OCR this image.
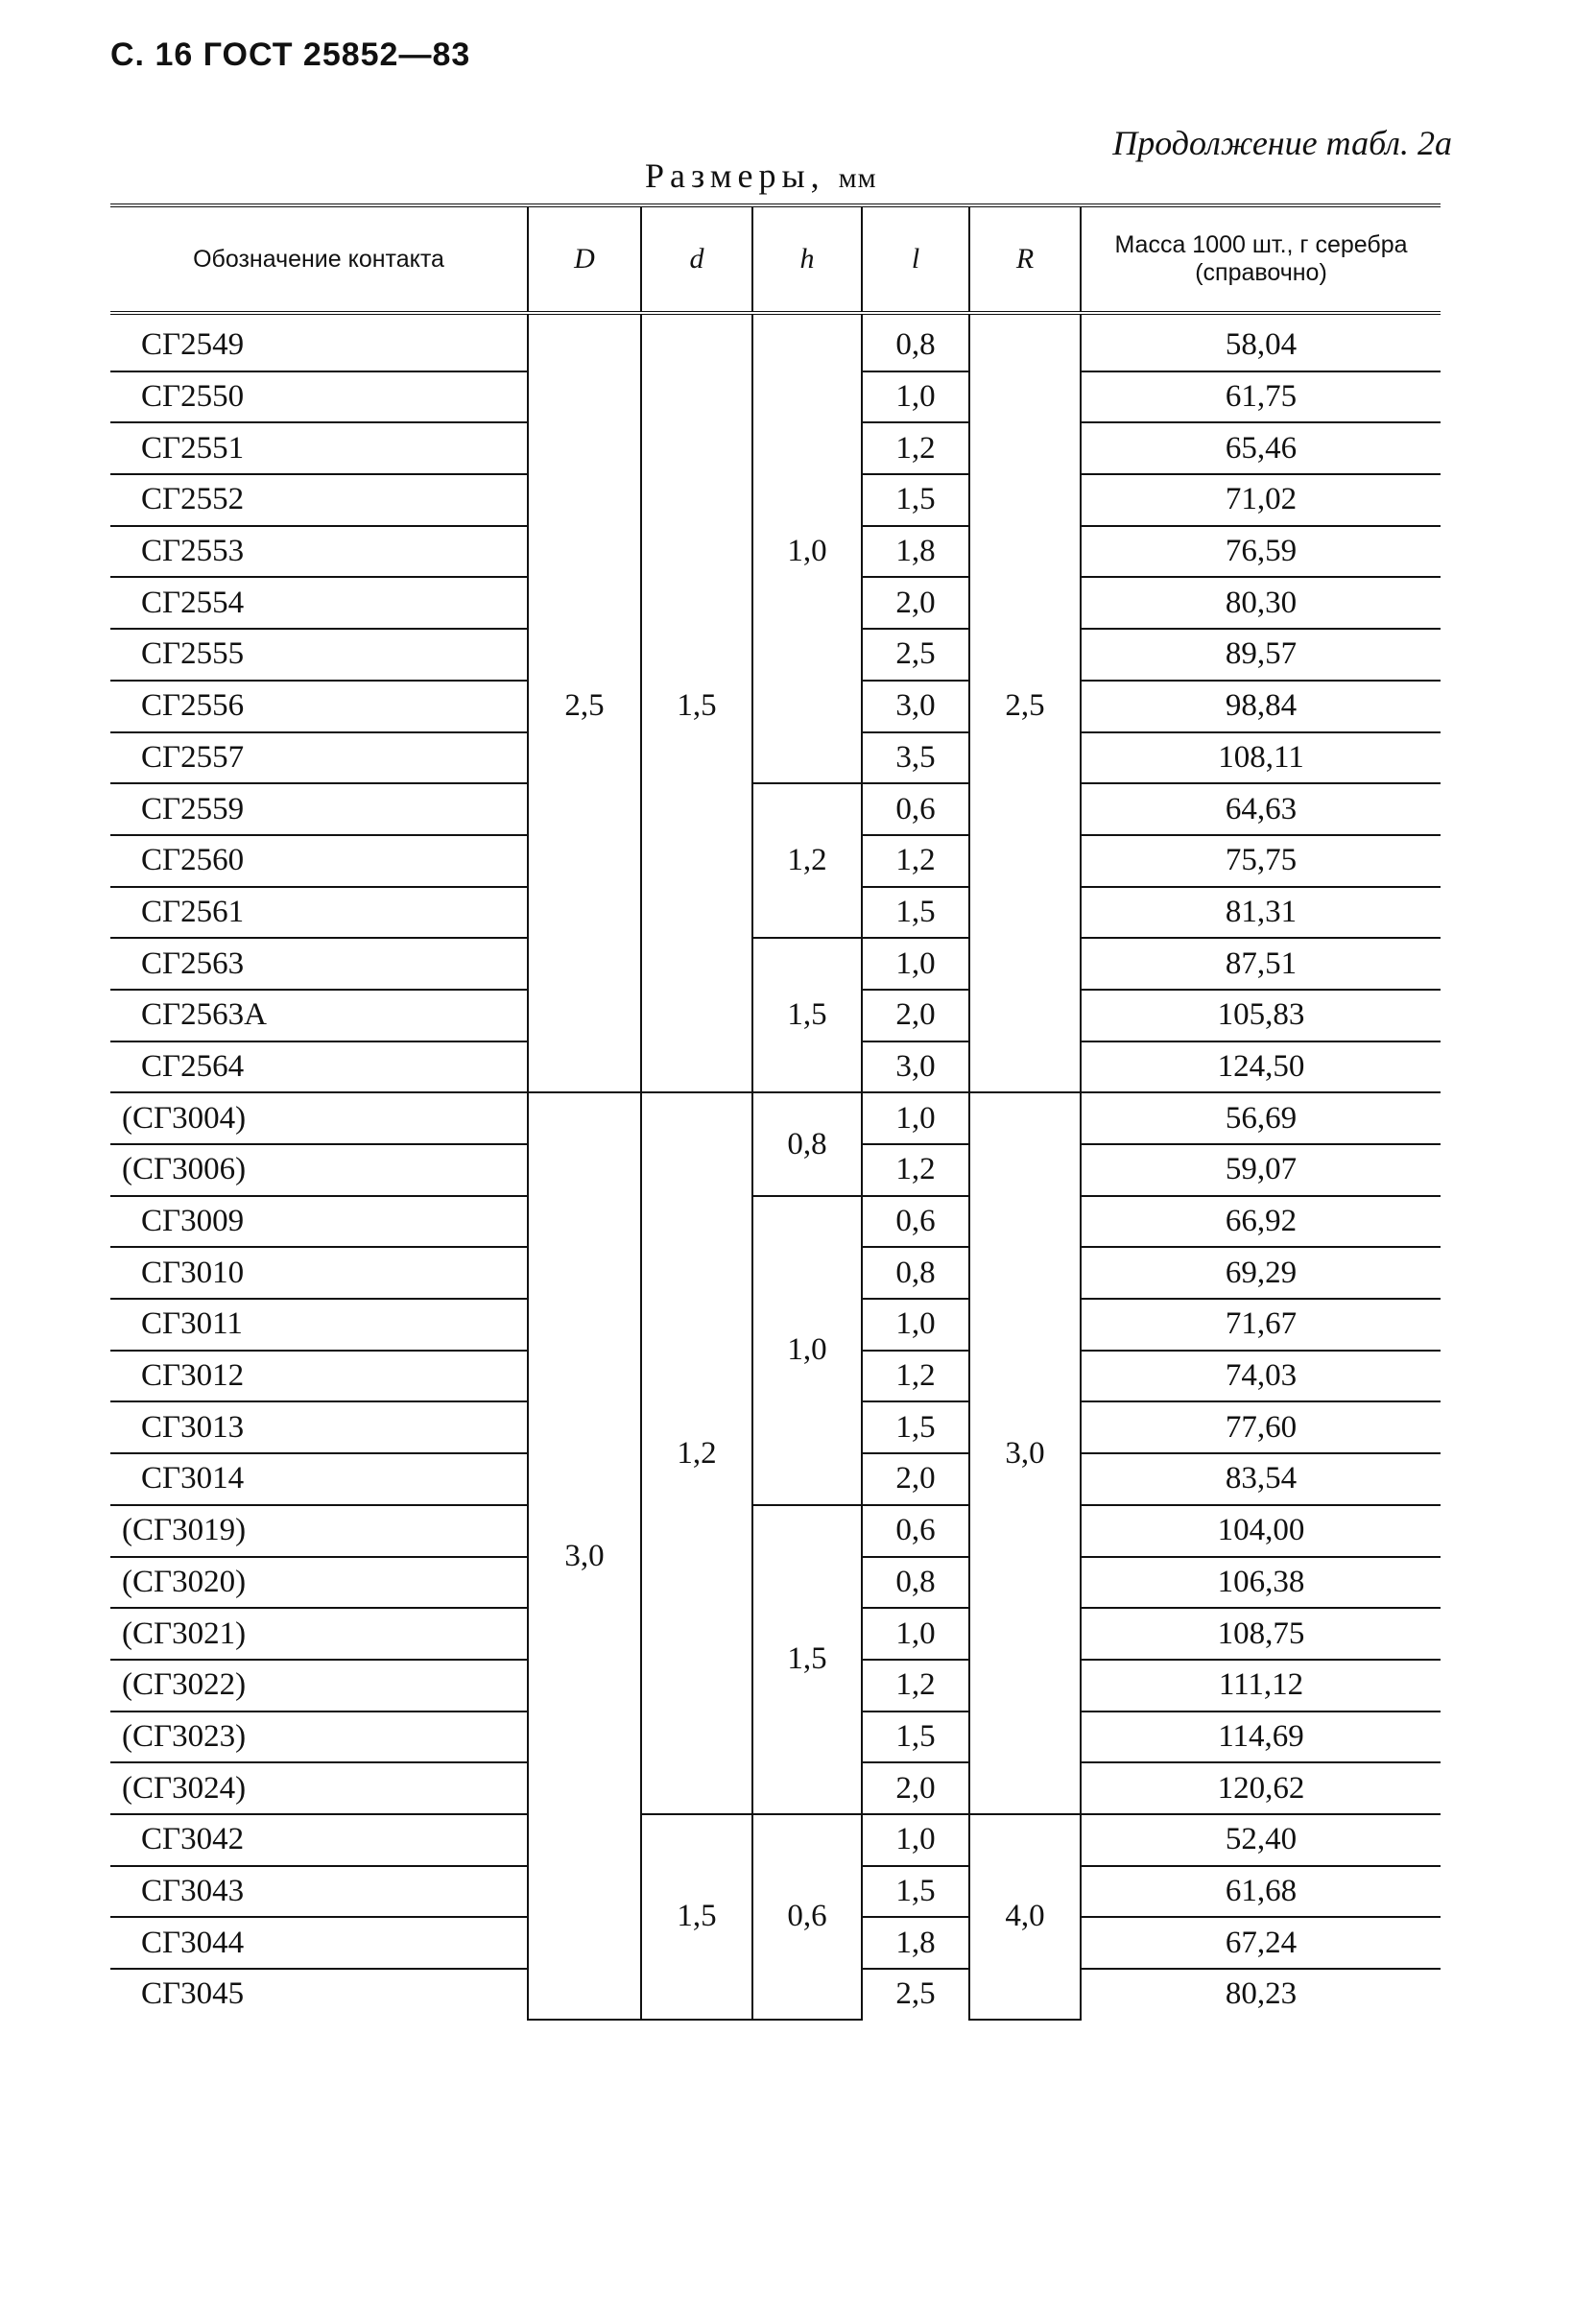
С. 16 ГОСТ 25852—83
Продолжение табл. 2а
Размеры, мм
Обозначение контакта	D	d	h	l	R	Масса 1000 шт., г серебра (справочно)
СГ2549	2,5	1,5	1,0	0,8	2,5	58,04
СГ2550				1,0		61,75
СГ2551				1,2		65,46
СГ2552				1,5		71,02
СГ2553				1,8		76,59
СГ2554				2,0		80,30
СГ2555				2,5		89,57
СГ2556				3,0		98,84
СГ2557				3,5		108,11
СГ2559			1,2	0,6		64,63
СГ2560				1,2		75,75
СГ2561				1,5		81,31
СГ2563			1,5	1,0		87,51
СГ2563А				2,0		105,83
СГ2564				3,0		124,50
(СГ3004)	3,0	1,2	0,8	1,0	3,0	56,69
(СГ3006)				1,2		59,07
СГ3009			1,0	0,6		66,92
СГ3010				0,8		69,29
СГ3011				1,0		71,67
СГ3012				1,2		74,03
СГ3013				1,5		77,60
СГ3014				2,0		83,54
(СГ3019)			1,5	0,6		104,00
(СГ3020)				0,8		106,38
(СГ3021)				1,0		108,75
(СГ3022)				1,2		111,12
(СГ3023)				1,5		114,69
(СГ3024)				2,0		120,62
СГ3042		1,5	0,6	1,0	4,0	52,40
СГ3043				1,5		61,68
СГ3044				1,8		67,24
СГ3045				2,5		80,23
